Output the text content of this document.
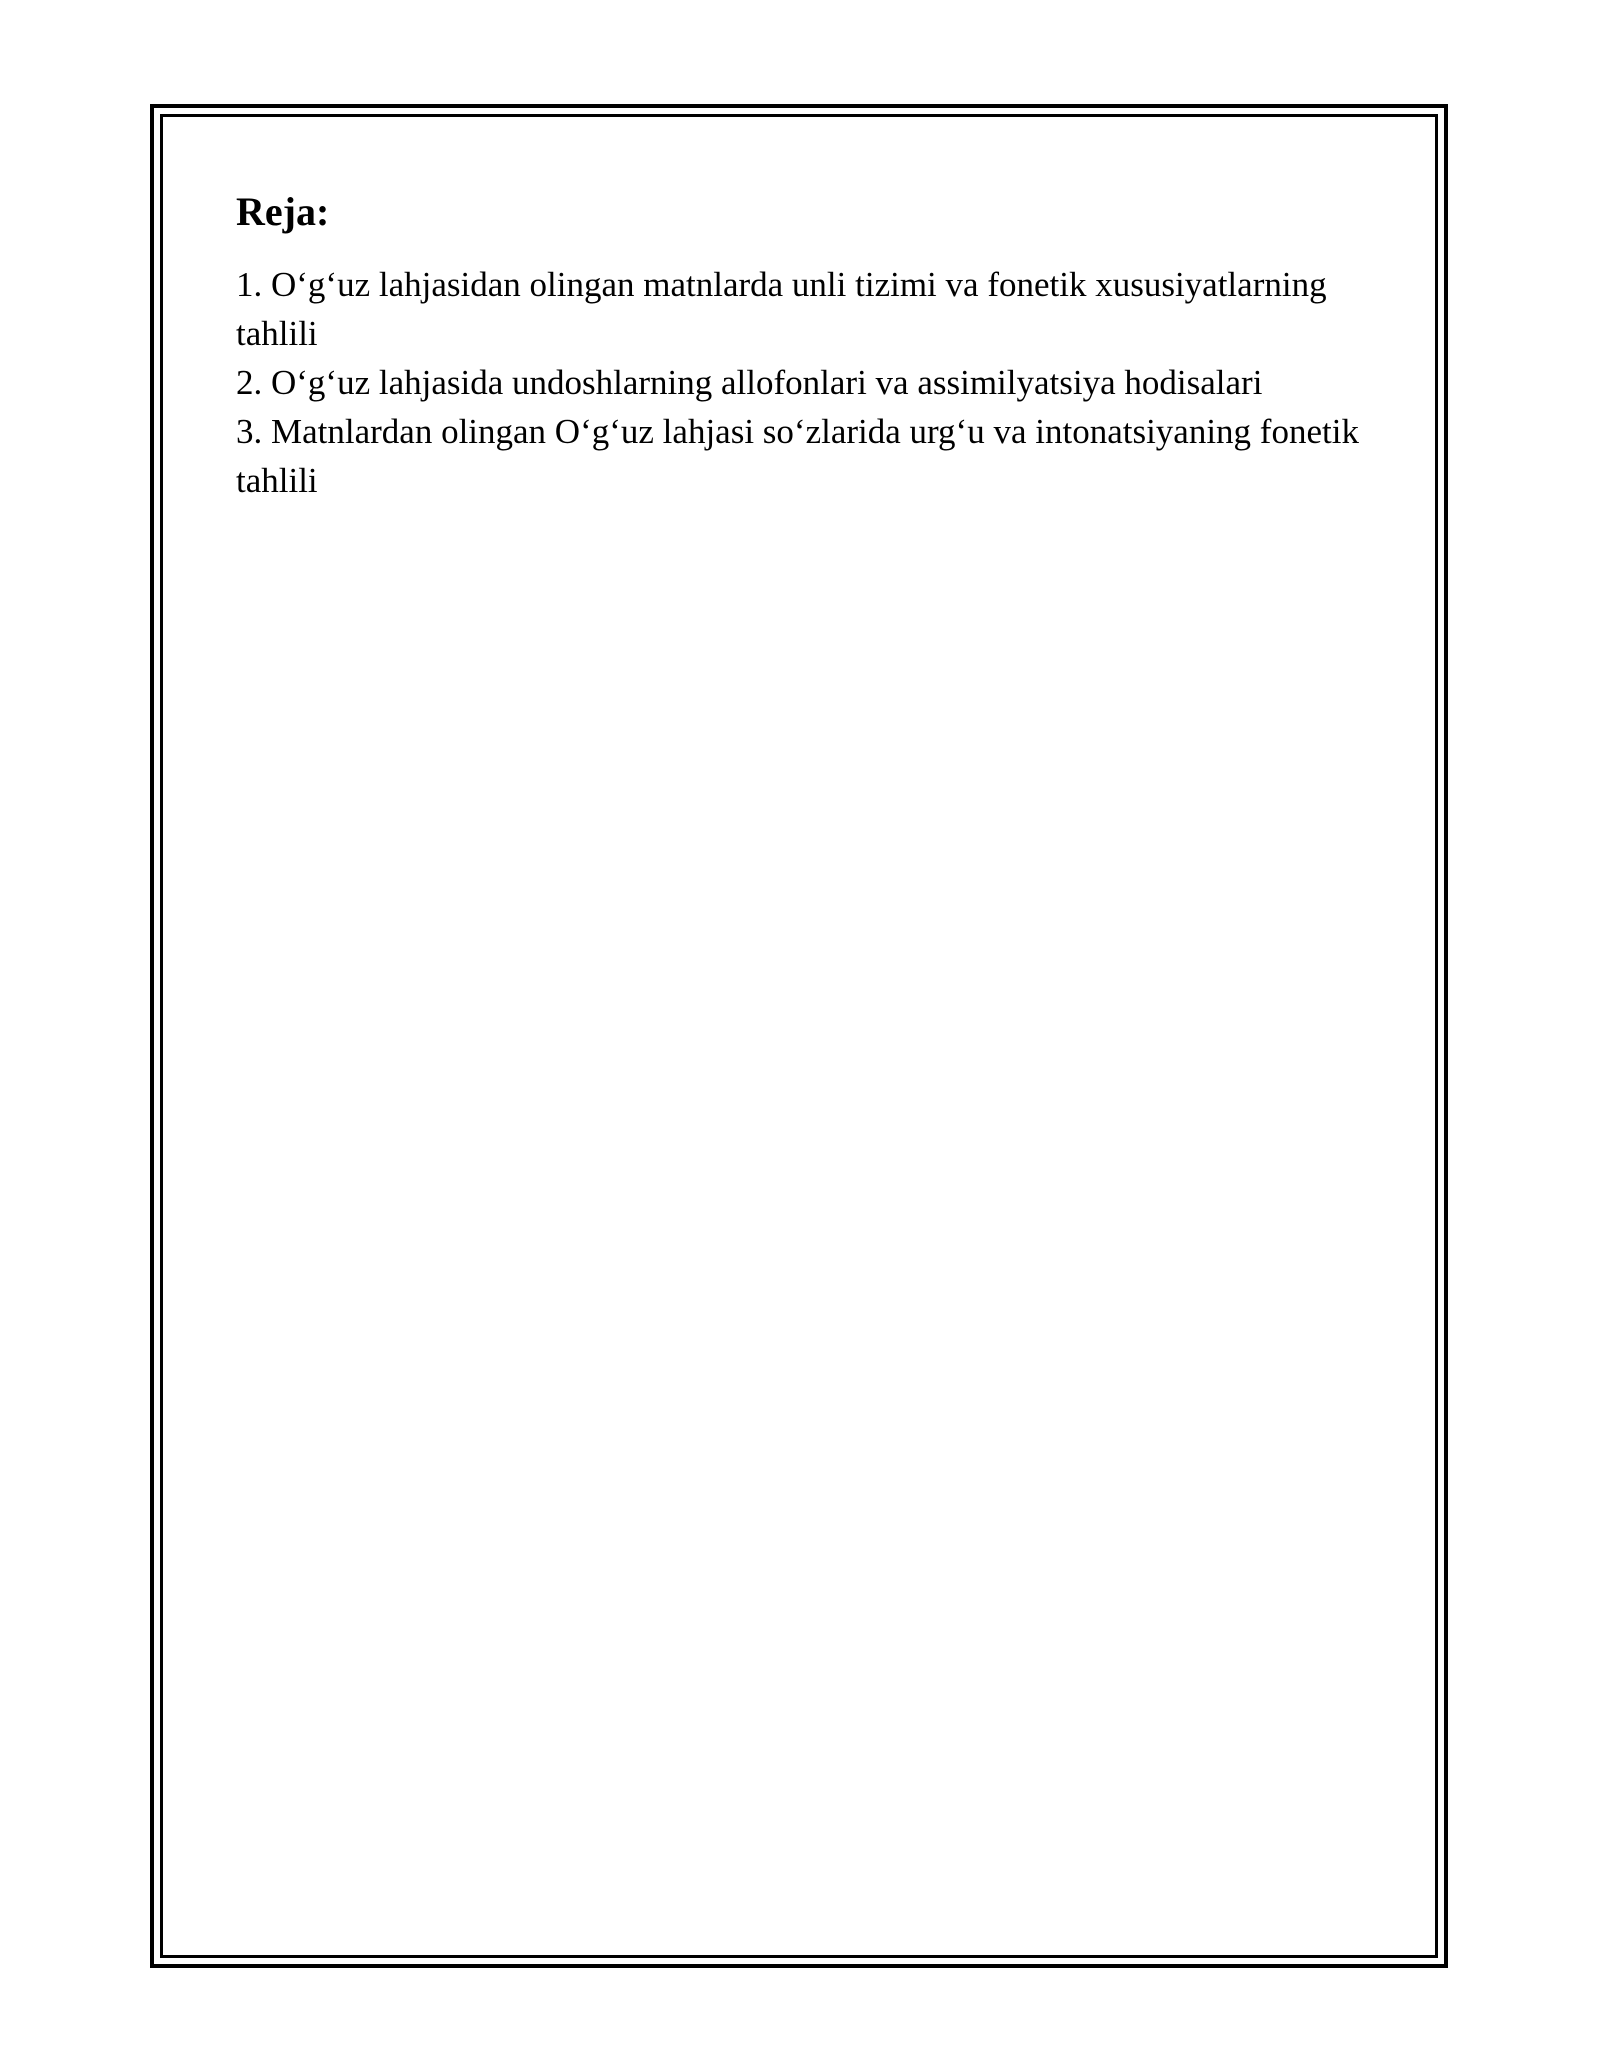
Reja:
1. O‘g‘uz lahjasidan olingan matnlarda unli tizimi va fonetik xususiyatlarning tahlili
2. O‘g‘uz lahjasida undoshlarning allofonlari va assimilyatsiya hodisalari
3. Matnlardan olingan O‘g‘uz lahjasi so‘zlarida urg‘u va intonatsiyaning fonetik tahlili
